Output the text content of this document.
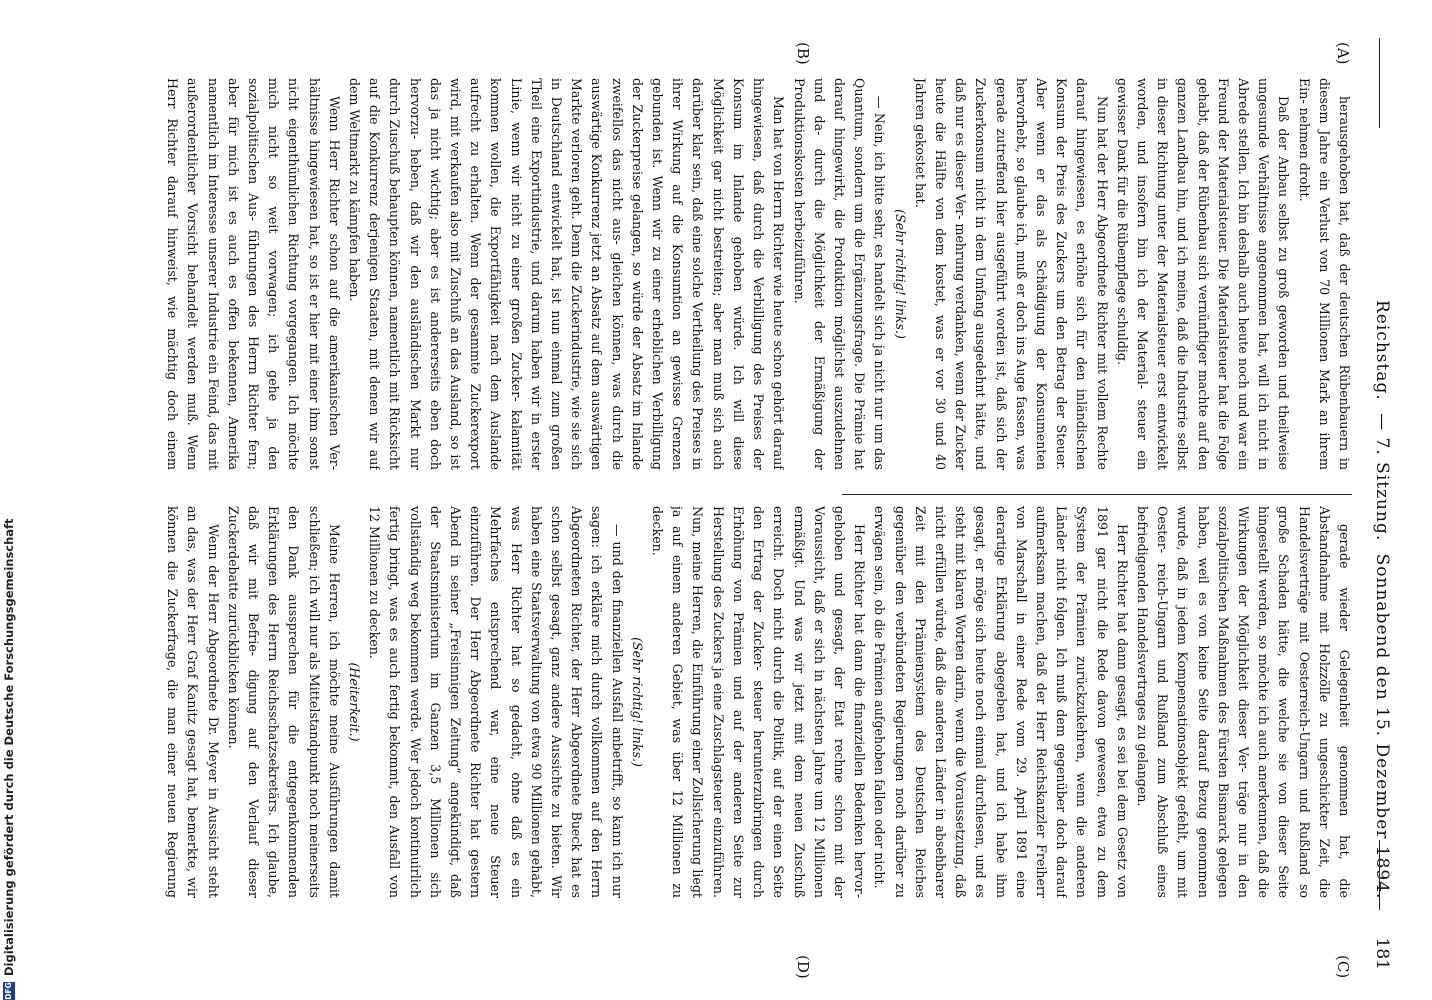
Reichstag. — 7. Sitzung. Sonnabend den 15. Dezember 1894.
181
(A)
(B)
(C)
(D)

herausgehoben hat, daß der deutschen Rübenbauern in diesem Jahre ein Verlust von 70 Millionen Mark an ihrem Ein- nehmen droht.

Daß der Anbau selbst zu groß geworden und theilweise ungesunde Verhältnisse angenommen hat, will ich nicht in Abrede stellen. Ich bin deshalb auch heute noch und war ein Freund der Materialsteuer. Die Materialsteuer hat die Folge gehabt, daß der Rübenbau sich vernünftiger machte auf den ganzen Landbau hin, und ich meine, daß die Industrie selbst in dieser Richtung unter der Materialsteuer erst entwickelt worden, und insofern bin ich der Material- steuer ein gewisser Dank für die Rübenpflege schuldig.

Nun hat der Herr Abgeordnete Richter mit vollem Rechte darauf hingewiesen, es erhöhe sich für den inländischen Konsum der Preis des Zuckers um den Betrag der Steuer. Aber wenn er das als Schädigung der Konsumenten hervorhebt, so glaube ich, muß er doch ins Auge fassen, was gerade zutreffend hier ausgeführt worden ist, daß sich der Zuckerkonsum nicht in dem Umfang ausgedehnt hätte, und daß nur es dieser Ver- mehrung verdanken, wenn der Zucker heute die Hälfte von dem kostet, was er vor 30 und 40 Jahren gekostet hat.

(Sehr richtig! links.)

— Nein, ich bitte sehr, es handelt sich ja nicht nur um das Quantum, sondern um die Ergänzungsfrage. Die Prämie hat darauf hingewirkt, die Produktion möglichst auszudehnen und da- durch die Möglichkeit der Ermäßigung der Produktionskosten herbeizuführen.

Man hat von Herrn Richter wie heute schon gehört darauf hingewiesen, daß durch die Verbilligung des Preises der Konsum im Inlande gehoben würde. Ich will diese Möglichkeit gar nicht bestreiten; aber man muß sich auch darüber klar sein, daß eine solche Vertheilung des Preises in ihrer Wirkung auf die Konsumtion an gewisse Grenzen gebunden ist. Wenn wir zu einer erheblichen Verbilligung der Zuckerpreise gelangen, so würde der Absatz im Inlande zweifellos das nicht aus- gleichen können, was durch die auswärtige Konkurrenz jetzt an Absatz auf dem auswärtigen Markte verloren geht. Denn die Zuckerindustrie, wie sie sich in Deutschland entwickelt hat, ist nun einmal zum großen Theil eine Exportindustrie, und darum haben wir in erster Linie, wenn wir nicht zu einer großen Zucker- kalamität kommen wollen, die Exportfähigkeit nach dem Auslande aufrecht zu erhalten. Wenn der gesammte Zuckerexport wird, mit verkaufen also mit Zuschuß an das Ausland, so ist das ja nicht wichtig; aber es ist andererseits eben doch hervorzu- heben, daß wir den ausländischen Markt nur durch Zuschuß behaupten können, namentlich mit Rücksicht auf die Konkurrenz derjenigen Staaten, mit denen wir auf dem Weltmarkt zu kämpfen haben.

Wenn Herr Richter schon auf die amerikanischen Ver- hältnisse hingewiesen hat, so ist er hier mit einer ihm sonst nicht eigenthümlichen Richtung vorgegangen. Ich möchte mich nicht so weit vorwagen; ich gehe ja den sozialpolitischen Aus- führungen des Herrn Richter fern; aber für mich ist es auch es offen bekennen, Amerika namentlich im Interesse unserer Industrie ein Feind, das mit außerordentlicher Vorsicht behandelt werden muß. Wenn Herr Richter darauf hinweist, wie mächtig doch einem

gerade wieder Gelegenheit genommen hat, die Abstandnahme mit Holzzölle zu ungeschickter Zeit, die Handelsverträge mit Oesterreich-Ungarn und Rußland so große Schaden hätte, die welche sie von dieser Seite hingestellt werden, so möchte ich auch anerkennen, daß die Wirkungen der Möglichkeit dieser Ver- träge nur in den sozialpolitischen Maßnahmen des Fürsten Bismarck gelegen haben, weil es von keine Seite darauf Bezug genommen wurde, daß in jedem Kompensationsobjekt gefehlt, um mit Oester- reich-Ungarn und Rußland zum Abschluß eines befriedigenden Handelsvertrages zu gelangen.

Herr Richter hat dann gesagt, es sei bei dem Gesetz von 1891 gar nicht die Rede davon gewesen, etwa zu dem System der Prämien zurückzukehren, wenn die anderen Länder nicht folgen. Ich muß dem gegenüber doch darauf aufmerksam machen, daß der Herr Reichskanzler Freiherr von Marschall in einer Rede vom 29. April 1891 eine derartige Erklärung abgegeben hat, und ich habe ihm gesagt, er möge sich heute noch einmal durchlesen, und es steht mit klaren Worten darin, wenn die Voraussetzung, daß nicht erfüllen würde, daß die anderen Länder in absehbarer Zeit mit den Prämiensystem des Deutschen Reiches gegenüber den verbündeten Regierungen noch darüber zu erwägen sein, ob die Prämien aufgehoben fallen oder nicht.

Herr Richter hat dann die finanziellen Bedenken hervor- gehoben und gesagt, der Etat rechne schon mit der Voraussicht, daß er sich in nächsten Jahre um 12 Millionen ermäßigt. Und was wir jetzt mit dem neuen Zuschuß erreicht. Doch nicht durch die Politik, auf der einen Seite den Ertrag der Zucker- steuer herunterzubringen durch Erhöhung von Prämien und auf der anderen Seite zur Herstellung des Zuckers ja eine Zuschlagsteuer einzuführen. Nun, meine Herren, die Einführung einer Zollsicherung liegt ja auf einem anderen Gebiet, was über 12 Millionen zu decken.

(Sehr richtig! links.)

— und den finanziellen Ausfall anbetrifft, so kann ich nur sagen: ich erkläre mich durch vollkommen auf den Herrn Abgeordneten Richter, der Herr Abgeordnete Bueck hat es schon selbst gesagt, ganz andere Aussichte zu bieten. Wir haben eine Staatsverwaltung von etwa 90 Millionen gehabt, was Herr Richter hat so gedacht, ohne daß es ein Mehrfaches entsprechend war, eine neue Steuer einzuführen. Der Herr Abgeordnete Richter hat gestern Abend in seiner „Freisinnigen Zeitung“ angekündigt, daß der Staatsministerium im Ganzen 3,5 Millionen sich vollständig weg bekommen werde. Wer jedoch kontinuirlich fertig bringt, was es auch fertig bekommt, den Ausfall von 12 Millionen zu decken.

(Heiterkeit.)

Meine Herren, ich möchte meine Ausführungen damit schließen; ich will nur als Mittelstandpunkt noch meinerseits den Dank aussprechen für die entgegenkommenden Erklärungen des Herrn Reichsschatzsekretärs. Ich glaube, daß wir mit Befrie- digung auf den Verlauf dieser Zuckerdebatte zurückblicken können.

Wenn der Herr Abgeordnete Dr. Meyer in Aussicht steht an das, was der Herr Graf Kanitz gesagt hat, bemerkte, wir können die Zuckerfrage, die man einer neuen Regierung

DFG
Digitalisierung gefördert durch die Deutsche Forschungsgemeinschaft
